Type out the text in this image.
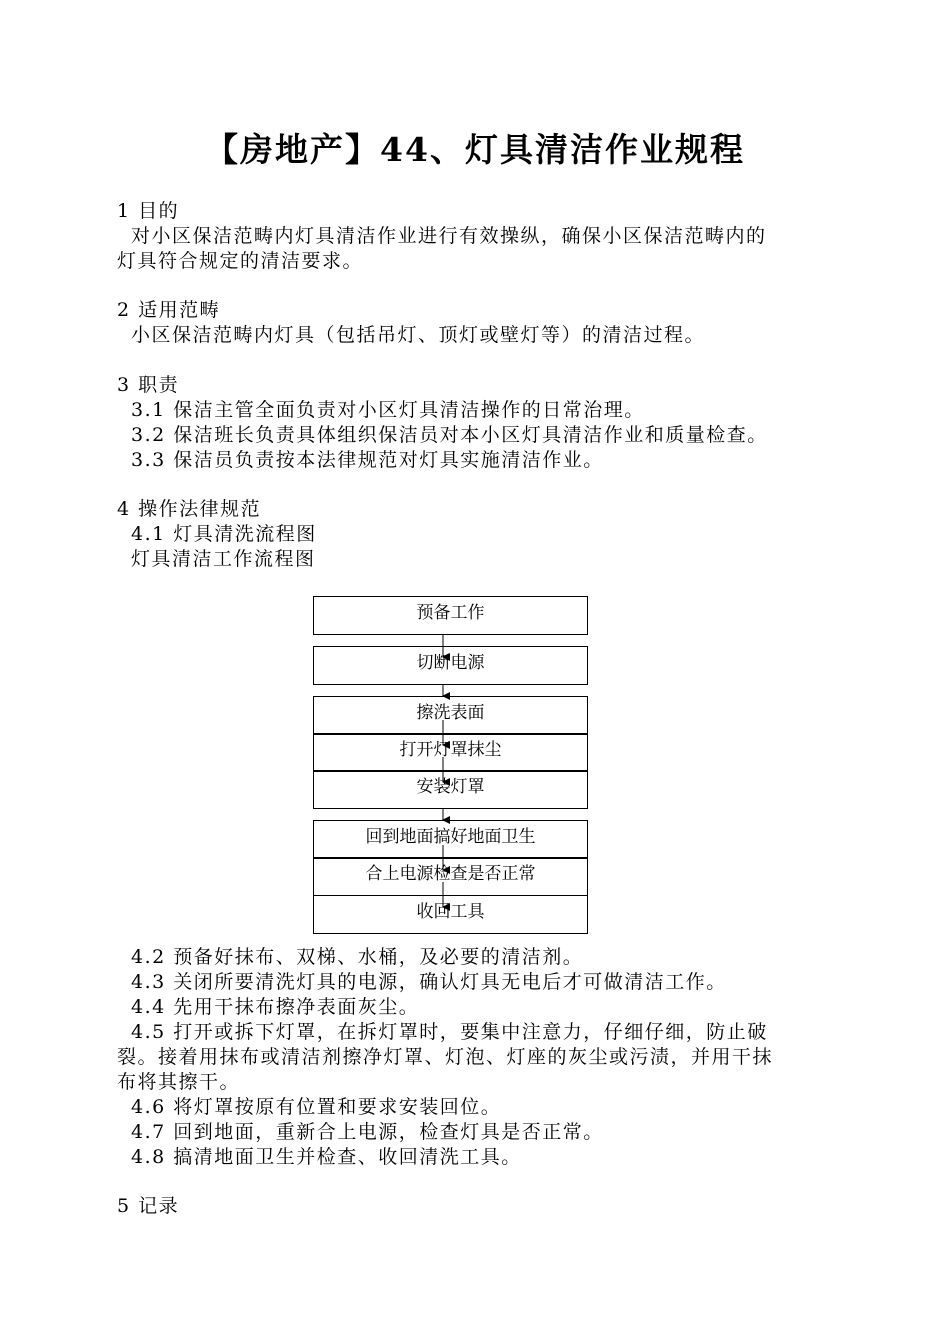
【房地产】44、灯具清洁作业规程
1 目的
对小区保洁范畴内灯具清洁作业进行有效操纵，确保小区保洁范畴内的
灯具符合规定的清洁要求。
2 适用范畴
小区保洁范畴内灯具（包括吊灯、顶灯或壁灯等）的清洁过程。
3 职责
3.1 保洁主管全面负责对小区灯具清洁操作的日常治理。
3.2 保洁班长负责具体组织保洁员对本小区灯具清洁作业和质量检查。
3.3 保洁员负责按本法律规范对灯具实施清洁作业。
4 操作法律规范
4.1 灯具清洗流程图
灯具清洁工作流程图
预备工作
切断电源
擦洗表面
打开灯罩抹尘
安装灯罩
回到地面搞好地面卫生
合上电源检查是否正常
收回工具
4.2 预备好抹布、双梯、水桶，及必要的清洁剂。
4.3 关闭所要清洗灯具的电源，确认灯具无电后才可做清洁工作。
4.4 先用干抹布擦净表面灰尘。
4.5 打开或拆下灯罩，在拆灯罩时，要集中注意力，仔细仔细，防止破
裂。接着用抹布或清洁剂擦净灯罩、灯泡、灯座的灰尘或污渍，并用干抹
布将其擦干。
4.6 将灯罩按原有位置和要求安装回位。
4.7 回到地面，重新合上电源，检查灯具是否正常。
4.8 搞清地面卫生并检查、收回清洗工具。
5 记录
